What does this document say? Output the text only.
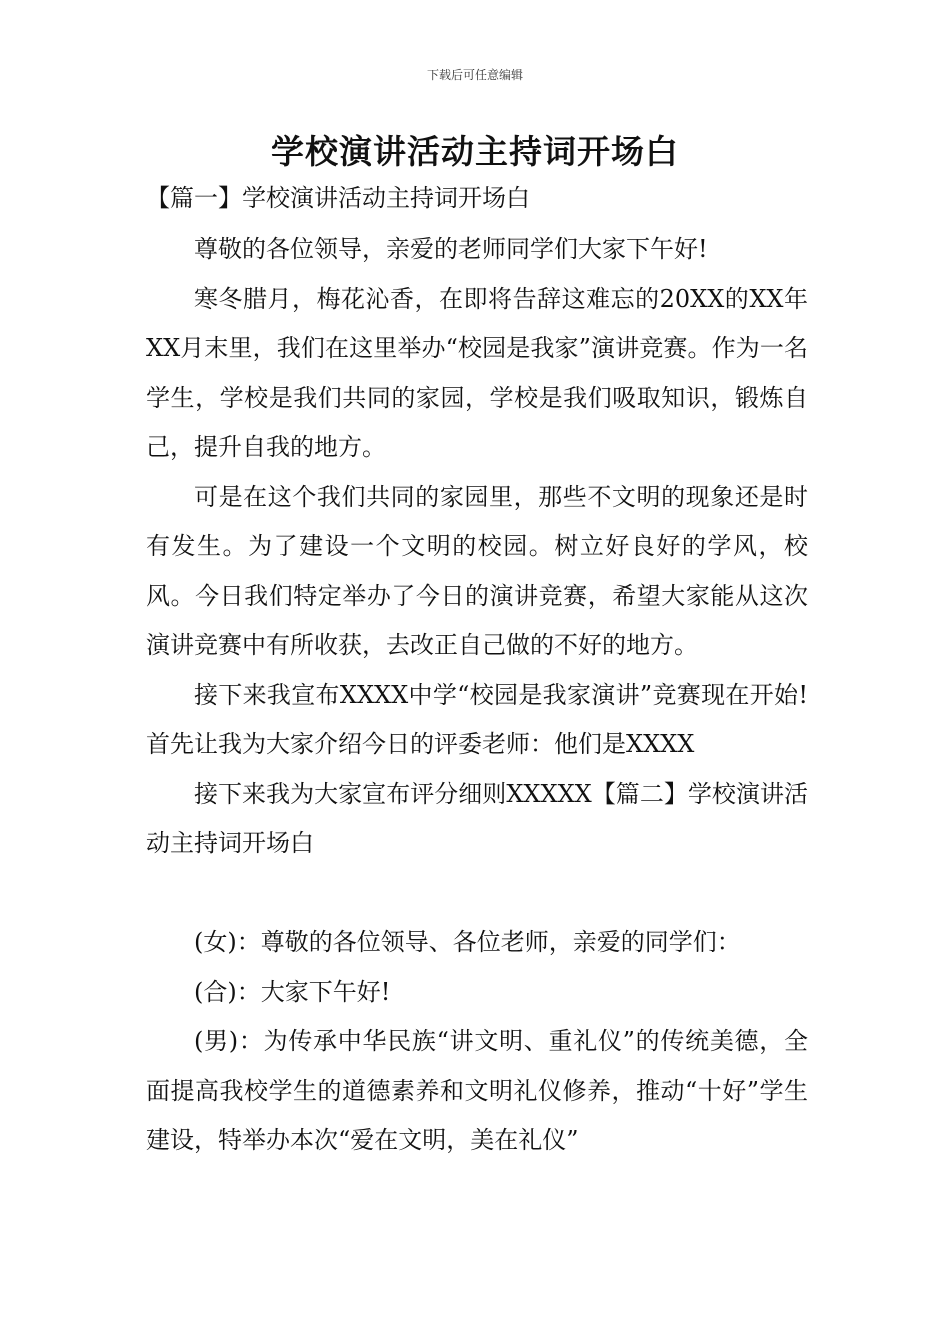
下载后可任意编辑
学校演讲活动主持词开场白
【篇一】学校演讲活动主持词开场白

尊敬的各位领导，亲爱的老师同学们大家下午好!

寒冬腊月，梅花沁香，在即将告辞这难忘的20XX的XX年XX月末里，我们在这里举办“校园是我家”演讲竞赛。作为一名学生，学校是我们共同的家园，学校是我们吸取知识，锻炼自己，提升自我的地方。

可是在这个我们共同的家园里，那些不文明的现象还是时有发生。为了建设一个文明的校园。树立好良好的学风，校风。今日我们特定举办了今日的演讲竞赛，希望大家能从这次演讲竞赛中有所收获，去改正自己做的不好的地方。

接下来我宣布XXXX中学“校园是我家演讲”竞赛现在开始!首先让我为大家介绍今日的评委老师：他们是XXXX

接下来我为大家宣布评分细则XXXXX【篇二】学校演讲活动主持词开场白

(女)：尊敬的各位领导、各位老师，亲爱的同学们：

(合)：大家下午好!

(男)：为传承中华民族“讲文明、重礼仪”的传统美德，全面提高我校学生的道德素养和文明礼仪修养，推动“十好”学生建设，特举办本次“爱在文明，美在礼仪”
